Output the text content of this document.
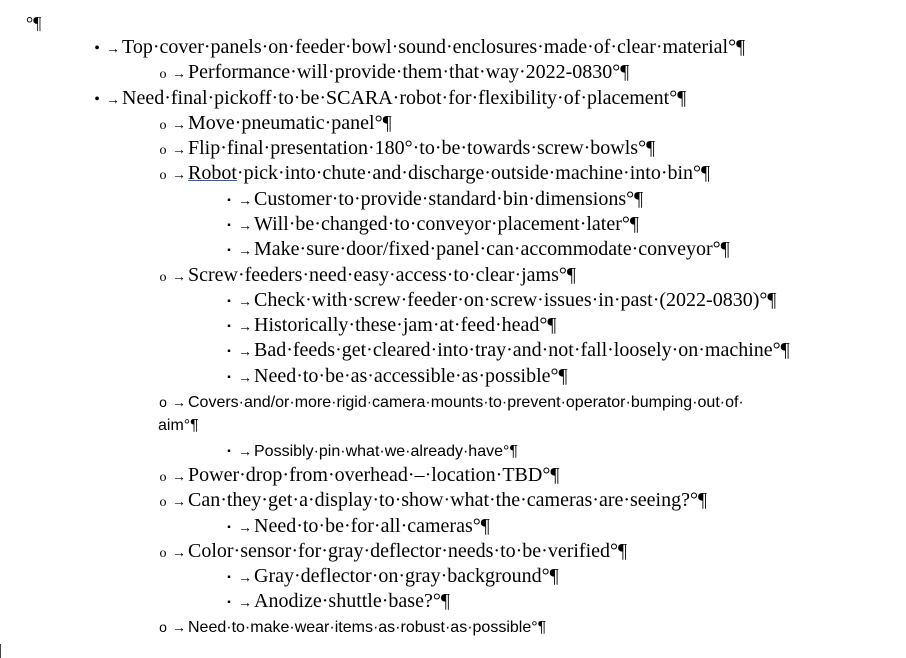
°¶
• → Top·cover·panels·on·feeder·bowl·sound·enclosures·made·of·clear·material°¶
o → Performance·will·provide·them·that·way·2022-0830°¶
• → Need·final·pickoff·to·be·SCARA·robot·for·flexibility·of·placement°¶
o → Move·pneumatic·panel°¶
o → Flip·final·presentation·180°·to·be·towards·screw·bowls°¶
o → Robot·pick·into·chute·and·discharge·outside·machine·into·bin°¶
▪ → Customer·to·provide·standard·bin·dimensions°¶
▪ → Will·be·changed·to·conveyor·placement·later°¶
▪ → Make·sure·door/fixed·panel·can·accommodate·conveyor°¶
o → Screw·feeders·need·easy·access·to·clear·jams°¶
▪ → Check·with·screw·feeder·on·screw·issues·in·past·(2022-0830)°¶
▪ → Historically·these·jam·at·feed·head°¶
▪ → Bad·feeds·get·cleared·into·tray·and·not·fall·loosely·on·machine°¶
▪ → Need·to·be·as·accessible·as·possible°¶
o → Covers·and/or·more·rigid·camera·mounts·to·prevent·operator·bumping·out·of·
aim°¶
▪ → Possibly·pin·what·we·already·have°¶
o → Power·drop·from·overhead·–·location·TBD°¶
o → Can·they·get·a·display·to·show·what·the·cameras·are·seeing?°¶
▪ → Need·to·be·for·all·cameras°¶
o → Color·sensor·for·gray·deflector·needs·to·be·verified°¶
▪ → Gray·deflector·on·gray·background°¶
▪ → Anodize·shuttle·base?°¶
o → Need·to·make·wear·items·as·robust·as·possible°¶
